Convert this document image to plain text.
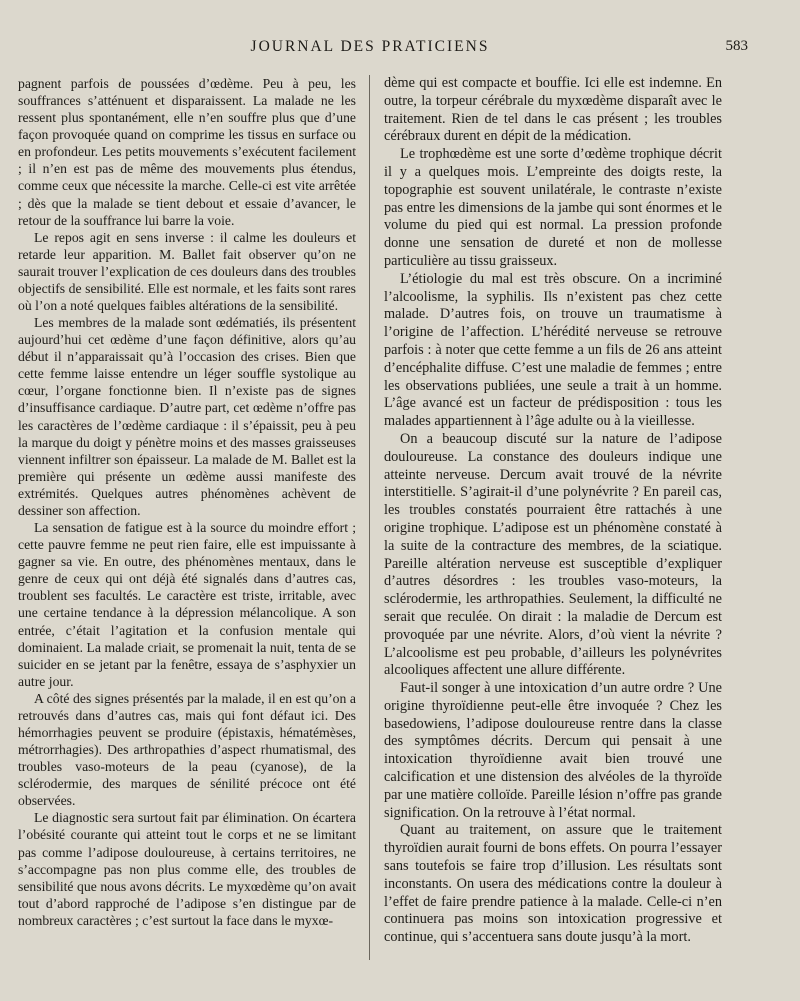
JOURNAL DES PRATICIENS	583

pagnent parfois de poussées d’œdème. Peu à peu, les souffrances s’atténuent et disparaissent. La malade ne les ressent plus spontanément, elle n’en souffre plus que d’une façon provoquée quand on comprime les tissus en surface ou en profondeur. Les petits mouvements s’exécutent facilement ; il n’en est pas de même des mouvements plus étendus, comme ceux que nécessite la marche. Celle-ci est vite arrêtée ; dès que la malade se tient debout et essaie d’avancer, le retour de la souffrance lui barre la voie.

Le repos agit en sens inverse : il calme les douleurs et retarde leur apparition. M. Ballet fait observer qu’on ne saurait trouver l’explication de ces douleurs dans des troubles objectifs de sensibilité. Elle est normale, et les faits sont rares où l’on a noté quelques faibles altérations de la sensibilité.

Les membres de la malade sont œdématiés, ils présentent aujourd’hui cet œdème d’une façon définitive, alors qu’au début il n’apparaissait qu’à l’occasion des crises. Bien que cette femme laisse entendre un léger souffle systolique au cœur, l’organe fonctionne bien. Il n’existe pas de signes d’insuffisance cardiaque. D’autre part, cet œdème n’offre pas les caractères de l’œdème cardiaque : il s’épaissit, peu à peu la marque du doigt y pénètre moins et des masses graisseuses viennent infiltrer son épaisseur. La malade de M. Ballet est la première qui présente un œdème aussi manifeste des extrémités. Quelques autres phénomènes achèvent de dessiner son affection.

La sensation de fatigue est à la source du moindre effort ; cette pauvre femme ne peut rien faire, elle est impuissante à gagner sa vie. En outre, des phénomènes mentaux, dans le genre de ceux qui ont déjà été signalés dans d’autres cas, troublent ses facultés. Le caractère est triste, irritable, avec une certaine tendance à la dépression mélancolique. A son entrée, c’était l’agitation et la confusion mentale qui dominaient. La malade criait, se promenait la nuit, tenta de se suicider en se jetant par la fenêtre, essaya de s’asphyxier un autre jour.

A côté des signes présentés par la malade, il en est qu’on a retrouvés dans d’autres cas, mais qui font défaut ici. Des hémorrhagies peuvent se produire (épistaxis, hématémèses, métrorrhagies). Des arthropathies d’aspect rhumatismal, des troubles vaso-moteurs de la peau (cyanose), de la sclérodermie, des marques de sénilité précoce ont été observées.

Le diagnostic sera surtout fait par élimination. On écartera l’obésité courante qui atteint tout le corps et ne se limitant pas comme l’adipose douloureuse, à certains territoires, ne s’accompagne pas non plus comme elle, des troubles de sensibilité que nous avons décrits. Le myxœdème qu’on avait tout d’abord rapproché de l’adipose s’en distingue par de nombreux caractères ; c’est surtout la face dans le myxœ-

dème qui est compacte et bouffie. Ici elle est indemne. En outre, la torpeur cérébrale du myxœdème disparaît avec le traitement. Rien de tel dans le cas présent ; les troubles cérébraux durent en dépit de la médication.

Le trophœdème est une sorte d’œdème trophique décrit il y a quelques mois. L’empreinte des doigts reste, la topographie est souvent unilatérale, le contraste n’existe pas entre les dimensions de la jambe qui sont énormes et le volume du pied qui est normal. La pression profonde donne une sensation de dureté et non de mollesse particulière au tissu graisseux.

L’étiologie du mal est très obscure. On a incriminé l’alcoolisme, la syphilis. Ils n’existent pas chez cette malade. D’autres fois, on trouve un traumatisme à l’origine de l’affection. L’hérédité nerveuse se retrouve parfois : à noter que cette femme a un fils de 26 ans atteint d’encéphalite diffuse. C’est une maladie de femmes ; entre les observations publiées, une seule a trait à un homme. L’âge avancé est un facteur de prédisposition : tous les malades appartiennent à l’âge adulte ou à la vieillesse.

On a beaucoup discuté sur la nature de l’adipose douloureuse. La constance des douleurs indique une atteinte nerveuse. Dercum avait trouvé de la névrite interstitielle. S’agirait-il d’une polynévrite ? En pareil cas, les troubles constatés pourraient être rattachés à une origine trophique. L’adipose est un phénomène constaté à la suite de la contracture des membres, de la sciatique. Pareille altération nerveuse est susceptible d’expliquer d’autres désordres : les troubles vaso-moteurs, la sclérodermie, les arthropathies. Seulement, la difficulté ne serait que reculée. On dirait : la maladie de Dercum est provoquée par une névrite. Alors, d’où vient la névrite ? L’alcoolisme est peu probable, d’ailleurs les polynévrites alcooliques affectent une allure différente.

Faut-il songer à une intoxication d’un autre ordre ? Une origine thyroïdienne peut-elle être invoquée ? Chez les basedowiens, l’adipose douloureuse rentre dans la classe des symptômes décrits. Dercum qui pensait à une intoxication thyroïdienne avait bien trouvé une calcification et une distension des alvéoles de la thyroïde par une matière colloïde. Pareille lésion n’offre pas grande signification. On la retrouve à l’état normal.

Quant au traitement, on assure que le traitement thyroïdien aurait fourni de bons effets. On pourra l’essayer sans toutefois se faire trop d’illusion. Les résultats sont inconstants. On usera des médications contre la douleur à l’effet de faire prendre patience à la malade. Celle-ci n’en continuera pas moins son intoxication progressive et continue, qui s’accentuera sans doute jusqu’à la mort.
